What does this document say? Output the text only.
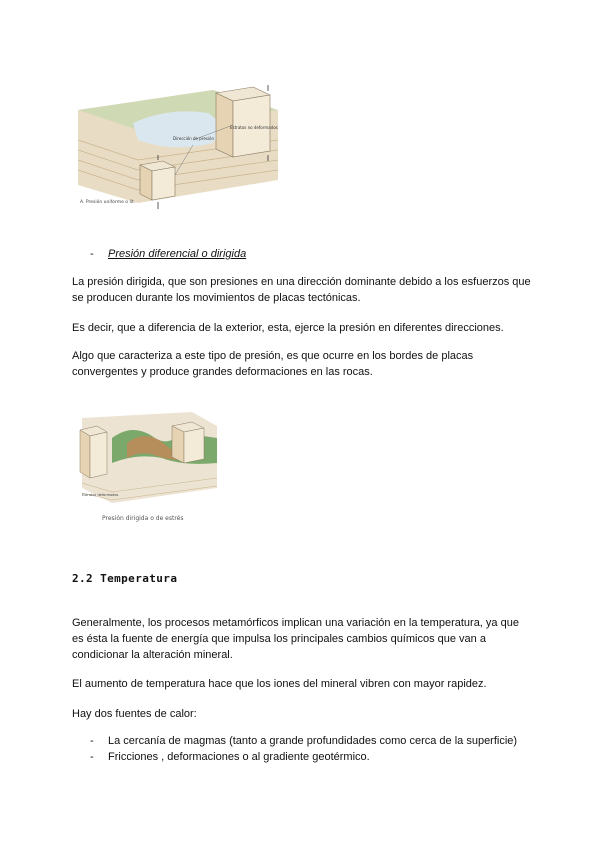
Estratos no deformados
Dirección de presión
A. Presión uniforme o lit.
- Presión diferencial o dirigida

La presión dirigida, que son presiones en una dirección dominante debido a los esfuerzos que se producen durante los movimientos de placas tectónicas.

Es decir, que a diferencia de la exterior, esta, ejerce la presión en diferentes direcciones.

Algo que caracteriza a este tipo de presión, es que ocurre en los bordes de placas convergentes y produce grandes deformaciones en las rocas.

Estratos deformados
Presión dirigida o de estrés
2.2 Temperatura

Generalmente, los procesos metamórficos implican una variación en la temperatura, ya que es ésta la fuente de energía que impulsa los principales cambios químicos que van a condicionar la alteración mineral.

El aumento de temperatura hace que los iones del mineral vibren con mayor rapidez.

Hay dos fuentes de calor:

- La cercanía de magmas (tanto a grande profundidades como cerca de la superficie)
- Fricciones , deformaciones o al gradiente geotérmico.
